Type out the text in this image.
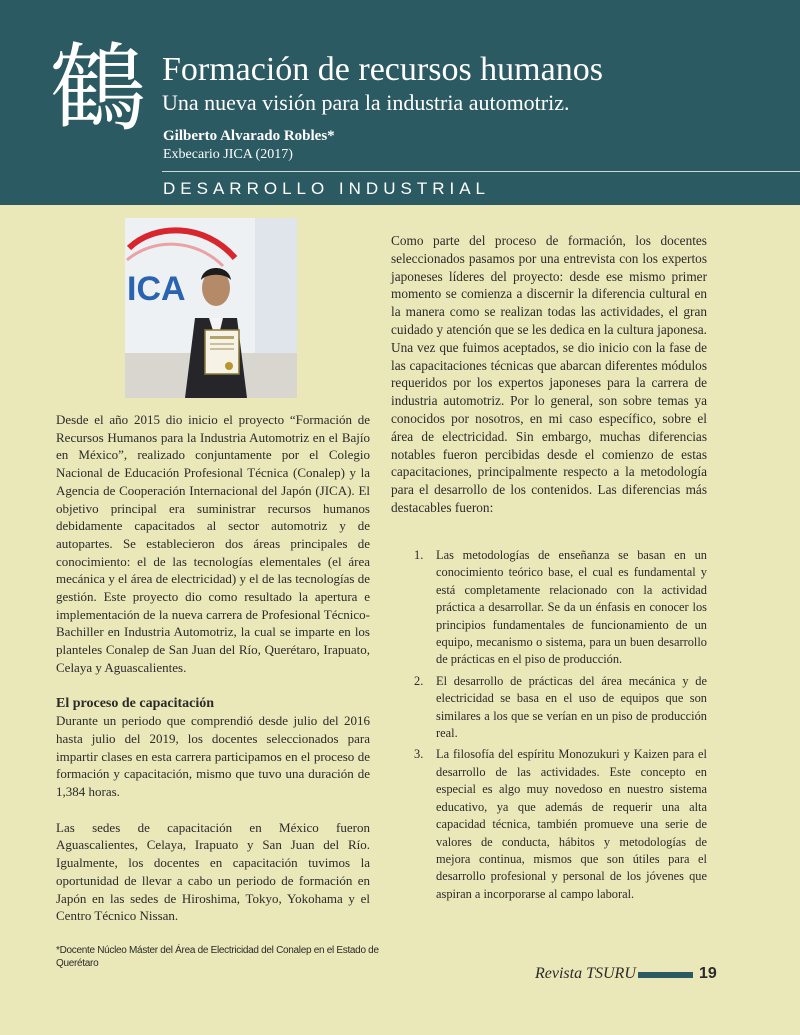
鶴 Formación de recursos humanos
Una nueva visión para la industria automotriz.
Gilberto Alvarado Robles*
Exbecario JICA (2017)
DESARROLLO INDUSTRIAL
ICA

Desde el año 2015 dio inicio el proyecto “Formación de Recursos Humanos para la Industria Automotriz en el Bajío en México”, realizado conjuntamente por el Colegio Nacional de Educación Profesional Técnica (Conalep) y la Agencia de Cooperación Internacional del Japón (JICA). El objetivo principal era suministrar recursos humanos debidamente capacitados al sector automotriz y de autopartes. Se establecieron dos áreas principales de conocimiento: el de las tecnologías elementales (el área mecánica y el área de electricidad) y el de las tecnologías de gestión. Este proyecto dio como resultado la apertura e implementación de la nueva carrera de Profesional Técnico-Bachiller en Industria Automotriz, la cual se imparte en los planteles Conalep de San Juan del Río, Querétaro, Irapuato, Celaya y Aguascalientes.

El proceso de capacitación

Durante un periodo que comprendió desde julio del 2016 hasta julio del 2019, los docentes seleccionados para impartir clases en esta carrera participamos en el proceso de formación y capacitación, mismo que tuvo una duración de 1,384 horas.

Las sedes de capacitación en México fueron Aguascalientes, Celaya, Irapuato y San Juan del Río. Igualmente, los docentes en capacitación tuvimos la oportunidad de llevar a cabo un periodo de formación en Japón en las sedes de Hiroshima, Tokyo, Yokohama y el Centro Técnico Nissan.

Como parte del proceso de formación, los docentes seleccionados pasamos por una entrevista con los expertos japoneses líderes del proyecto: desde ese mismo primer momento se comienza a discernir la diferencia cultural en la manera como se realizan todas las actividades, el gran cuidado y atención que se les dedica en la cultura japonesa. Una vez que fuimos aceptados, se dio inicio con la fase de las capacitaciones técnicas que abarcan diferentes módulos requeridos por los expertos japoneses para la carrera de industria automotriz. Por lo general, son sobre temas ya conocidos por nosotros, en mi caso específico, sobre el área de electricidad. Sin embargo, muchas diferencias notables fueron percibidas desde el comienzo de estas capacitaciones, principalmente respecto a la metodología para el desarrollo de los contenidos. Las diferencias más destacables fueron:

1. Las metodologías de enseñanza se basan en un conocimiento teórico base, el cual es fundamental y está completamente relacionado con la actividad práctica a desarrollar. Se da un énfasis en conocer los principios fundamentales de funcionamiento de un equipo, mecanismo o sistema, para un buen desarrollo de prácticas en el piso de producción.
2. El desarrollo de prácticas del área mecánica y de electricidad se basa en el uso de equipos que son similares a los que se verían en un piso de producción real.
3. La filosofía del espíritu Monozukuri y Kaizen para el desarrollo de las actividades. Este concepto en especial es algo muy novedoso en nuestro sistema educativo, ya que además de requerir una alta capacidad técnica, también promueve una serie de valores de conducta, hábitos y metodologías de mejora continua, mismos que son útiles para el desarrollo profesional y personal de los jóvenes que aspiran a incorporarse al campo laboral.
*Docente Núcleo Máster del Área de Electricidad del Conalep en el Estado de Querétaro
Revista TSURU	19
